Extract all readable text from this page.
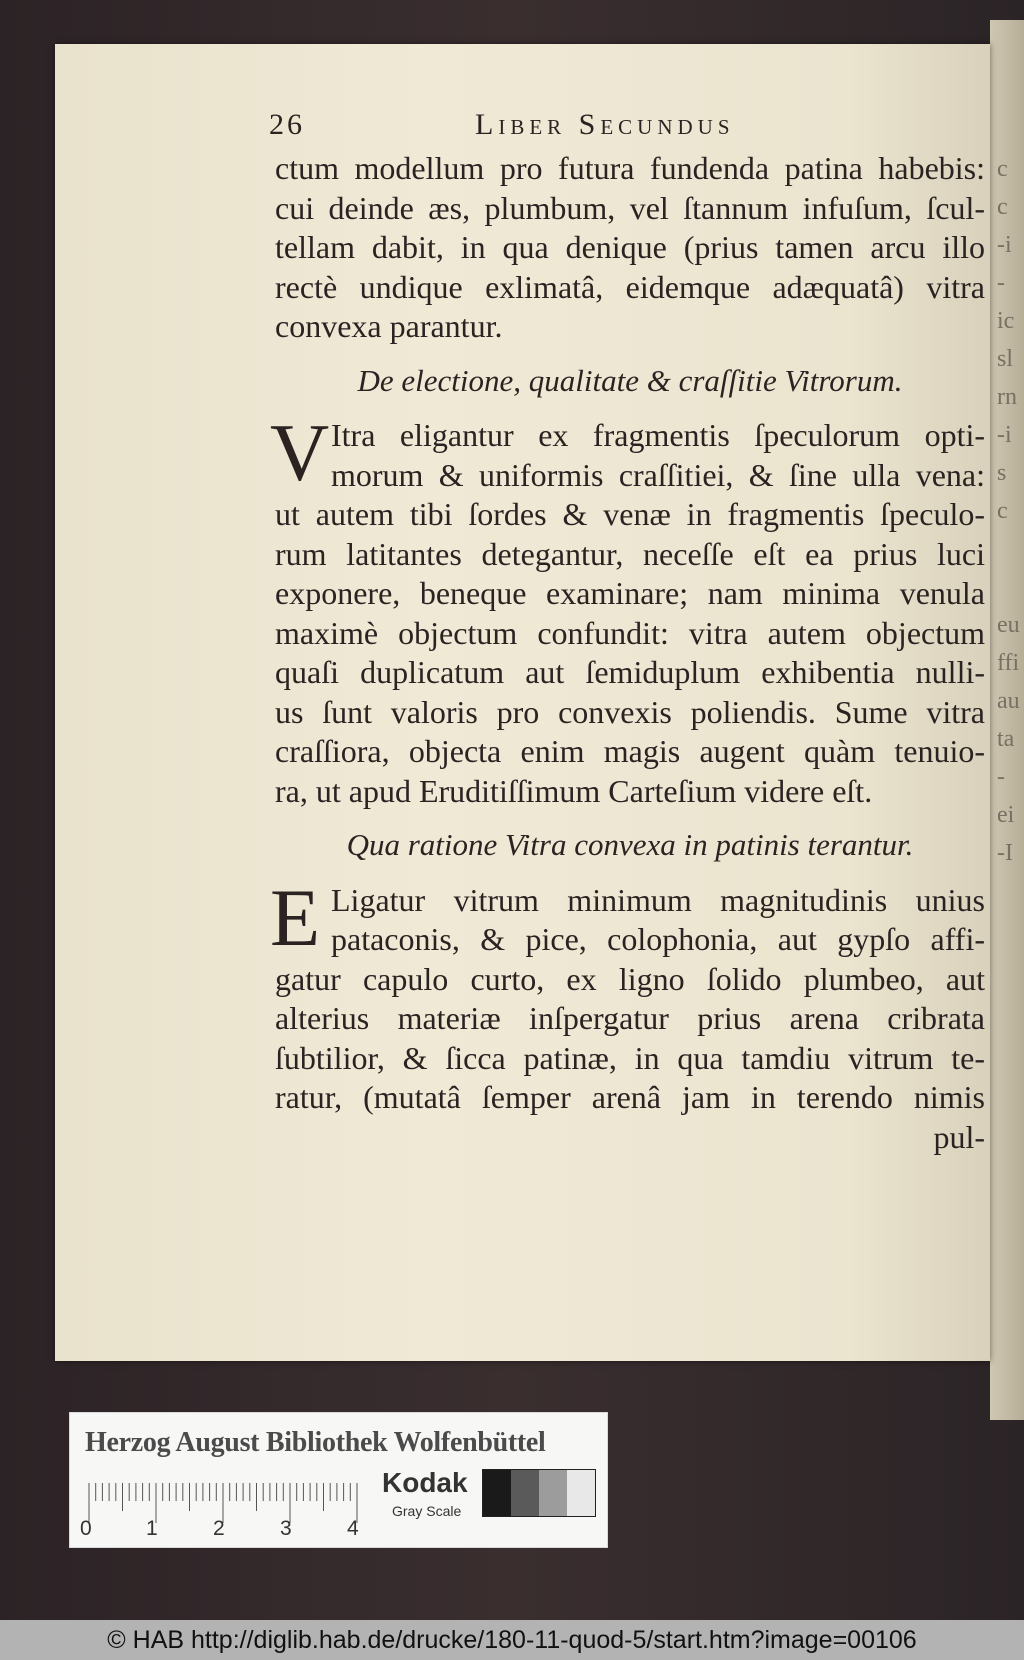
c
c
-i
-
ic
sl
rn
-i
s
c

eu
ffi
au
ta
-
ei
-I
26	Liber Secundus
ctum modellum pro futura fundenda patina habebis:
cui deinde æs, plumbum, vel ſtannum infuſum, ſcul-
tellam dabit, in qua denique (prius tamen arcu illo
rectè undique exlimatâ, eidemque adæquatâ) vitra
convexa parantur.
De electione, qualitate & craſſitie Vitrorum.
V Itra eligantur ex fragmentis ſpeculorum opti-
morum & uniformis craſſitiei, & ſine ulla vena:
ut autem tibi ſordes & venæ in fragmentis ſpeculo-
rum latitantes detegantur, neceſſe eſt ea prius luci
exponere, beneque examinare; nam minima venula
maximè objectum confundit: vitra autem objectum
quaſi duplicatum aut ſemiduplum exhibentia nulli-
us ſunt valoris pro convexis poliendis. Sume vitra
craſſiora, objecta enim magis augent quàm tenuio-
ra, ut apud Eruditiſſimum Carteſium videre eſt.
Qua ratione Vitra convexa in patinis terantur.
E Ligatur vitrum minimum magnitudinis unius
pataconis, & pice, colophonia, aut gypſo affi-
gatur capulo curto, ex ligno ſolido plumbeo, aut
alterius materiæ inſpergatur prius arena cribrata
ſubtilior, & ſicca patinæ, in qua tamdiu vitrum te-
ratur, (mutatâ ſemper arenâ jam in terendo nimis
pul-
Herzog August Bibliothek Wolfenbüttel
0	1	2	3	4
Kodak
Gray Scale
© HAB http://diglib.hab.de/drucke/180-11-quod-5/start.htm?image=00106
